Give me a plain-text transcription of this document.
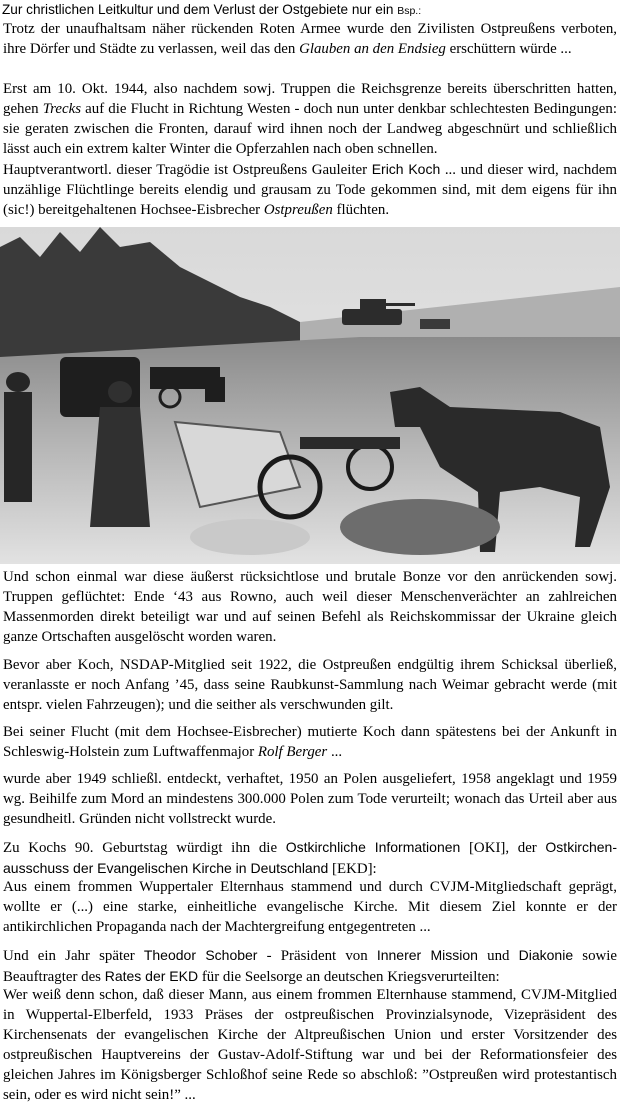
Zur christlichen Leitkultur und dem Verlust der Ostgebiete nur ein Bsp.:
Trotz der unaufhaltsam näher rückenden Roten Armee wurde den Zivilisten Ostpreußens verboten, ihre Dörfer und Städte zu verlassen, weil das den Glauben an den Endsieg erschüttern würde ...
Erst am 10. Okt. 1944, also nachdem sowj. Truppen die Reichsgrenze bereits überschritten hatten, gehen Trecks auf die Flucht in Richtung Westen - doch nun unter denkbar schlechtesten Bedingungen: sie geraten zwischen die Fronten, darauf wird ihnen noch der Landweg abgeschnürt und schließlich lässt auch ein extrem kalter Winter die Opferzahlen nach oben schnellen.
Hauptverantwortl. dieser Tragödie ist Ostpreußens Gauleiter Erich Koch ... und dieser wird, nachdem unzählige Flüchtlinge bereits elendig und grausam zu Tode gekommen sind, mit dem eigens für ihn (sic!) bereitgehaltenen Hochsee-Eisbrecher Ostpreußen flüchten.
Und schon einmal war diese äußerst rücksichtlose und brutale Bonze vor den anrückenden sowj. Truppen geflüchtet: Ende ‘43 aus Rowno, auch weil dieser Menschenverächter an zahlreichen Massenmorden direkt beteiligt war und auf seinen Befehl als Reichskommissar der Ukraine gleich ganze Ortschaften ausgelöscht worden waren.
Bevor aber Koch, NSDAP-Mitglied seit 1922, die Ostpreußen endgültig ihrem Schicksal überließ, veranlasste er noch Anfang ’45, dass seine Raubkunst-Sammlung nach Weimar gebracht werde (mit entspr. vielen Fahrzeugen); und die seither als verschwunden gilt.
Bei seiner Flucht (mit dem Hochsee-Eisbrecher) mutierte Koch dann spätestens bei der Ankunft in Schleswig-Holstein zum Luftwaffenmajor Rolf Berger ...
wurde aber 1949 schließl. entdeckt, verhaftet, 1950 an Polen ausgeliefert, 1958 angeklagt und 1959 wg. Beihilfe zum Mord an mindestens 300.000 Polen zum Tode verurteilt; wonach das Urteil aber aus gesundheitl. Gründen nicht vollstreckt wurde.
Zu Kochs 90. Geburtstag würdigt ihn die Ostkirchliche Informationen [OKI], der Ostkirchen-ausschuss der Evangelischen Kirche in Deutschland [EKD]:
Aus einem frommen Wuppertaler Elternhaus stammend und durch CVJM-Mitgliedschaft geprägt, wollte er (...) eine starke, einheitliche evangelische Kirche. Mit diesem Ziel konnte er der antikirchlichen Propaganda nach der Machtergreifung entgegentreten ...
Und ein Jahr später Theodor Schober - Präsident von Innerer Mission und Diakonie sowie Beauftragter des Rates der EKD für die Seelsorge an deutschen Kriegsverurteilten:
Wer weiß denn schon, daß dieser Mann, aus einem frommen Elternhause stammend, CVJM-Mitglied in Wuppertal-Elberfeld, 1933 Präses der ostpreußischen Provinzialsynode, Vizepräsident des Kirchensenats der evangelischen Kirche der Altpreußischen Union und erster Vorsitzender des ostpreußischen Hauptvereins der Gustav-Adolf-Stiftung war und bei der Reformationsfeier des gleichen Jahres im Königsberger Schloßhof seine Rede so abschloß: ”Ostpreußen wird protestantisch sein, oder es wird nicht sein!” ...
